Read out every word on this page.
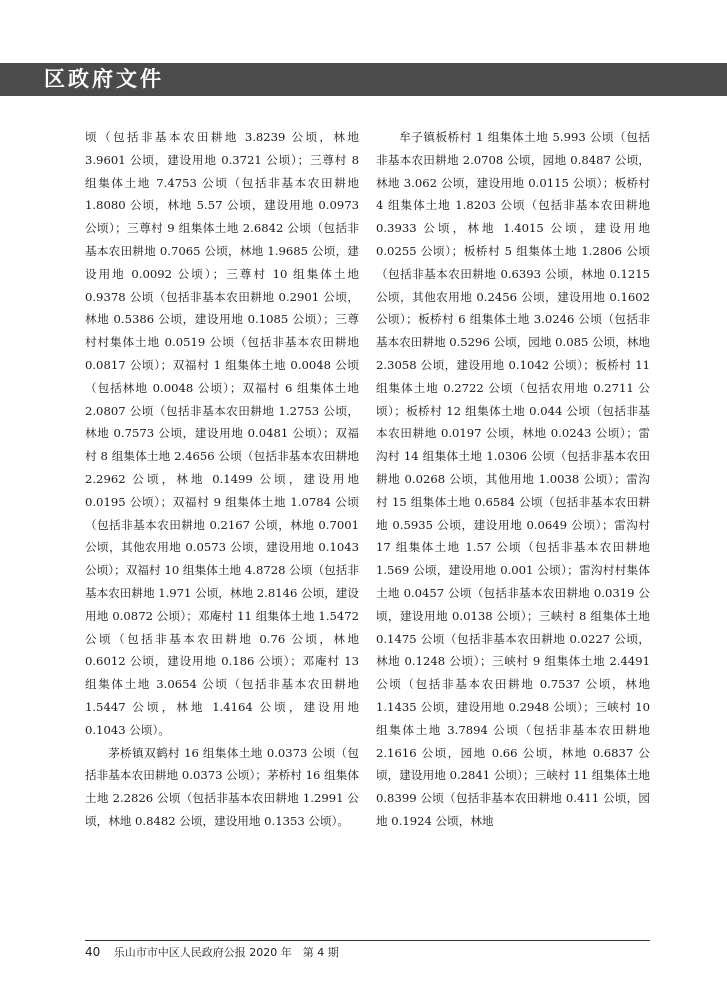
区政府文件

顷（包括非基本农田耕地 3.8239 公顷，林地 3.9601 公顷，建设用地 0.3721 公顷）；三尊村 8 组集体土地 7.4753 公顷（包括非基本农田耕地 1.8080 公顷，林地 5.57 公顷，建设用地 0.0973 公顷）；三尊村 9 组集体土地 2.6842 公顷（包括非基本农田耕地 0.7065 公顷，林地 1.9685 公顷，建设用地 0.0092 公顷）；三尊村 10 组集体土地 0.9378 公顷（包括非基本农田耕地 0.2901 公顷，林地 0.5386 公顷，建设用地 0.1085 公顷）；三尊村村集体土地 0.0519 公顷（包括非基本农田耕地 0.0817 公顷）；双福村 1 组集体土地 0.0048 公顷（包括林地 0.0048 公顷）；双福村 6 组集体土地 2.0807 公顷（包括非基本农田耕地 1.2753 公顷，林地 0.7573 公顷，建设用地 0.0481 公顷）；双福村 8 组集体土地 2.4656 公顷（包括非基本农田耕地 2.2962 公顷，林地 0.1499 公顷，建设用地 0.0195 公顷）；双福村 9 组集体土地 1.0784 公顷（包括非基本农田耕地 0.2167 公顷，林地 0.7001 公顷，其他农用地 0.0573 公顷，建设用地 0.1043 公顷）；双福村 10 组集体土地 4.8728 公顷（包括非基本农田耕地 1.971 公顷，林地 2.8146 公顷，建设用地 0.0872 公顷）；邓庵村 11 组集体土地 1.5472 公顷（包括非基本农田耕地 0.76 公顷，林地 0.6012 公顷，建设用地 0.186 公顷）；邓庵村 13 组集体土地 3.0654 公顷（包括非基本农田耕地 1.5447 公顷，林地 1.4164 公顷，建设用地 0.1043 公顷）。

茅桥镇双鹤村 16 组集体土地 0.0373 公顷（包括非基本农田耕地 0.0373 公顷）；茅桥村 16 组集体土地 2.2826 公顷（包括非基本农田耕地 1.2991 公顷，林地 0.8482 公顷，建设用地 0.1353 公顷）。

牟子镇板桥村 1 组集体土地 5.993 公顷（包括非基本农田耕地 2.0708 公顷，园地 0.8487 公顷，林地 3.062 公顷，建设用地 0.0115 公顷）；板桥村 4 组集体土地 1.8203 公顷（包括非基本农田耕地 0.3933 公顷，林地 1.4015 公顷，建设用地 0.0255 公顷）；板桥村 5 组集体土地 1.2806 公顷（包括非基本农田耕地 0.6393 公顷，林地 0.1215 公顷，其他农用地 0.2456 公顷，建设用地 0.1602 公顷）；板桥村 6 组集体土地 3.0246 公顷（包括非基本农田耕地 0.5296 公顷，园地 0.085 公顷，林地 2.3058 公顷，建设用地 0.1042 公顷）；板桥村 11 组集体土地 0.2722 公顷（包括农用地 0.2711 公顷）；板桥村 12 组集体土地 0.044 公顷（包括非基本农田耕地 0.0197 公顷，林地 0.0243 公顷）；雷沟村 14 组集体土地 1.0306 公顷（包括非基本农田耕地 0.0268 公顷，其他用地 1.0038 公顷）；雷沟村 15 组集体土地 0.6584 公顷（包括非基本农田耕地 0.5935 公顷，建设用地 0.0649 公顷）；雷沟村 17 组集体土地 1.57 公顷（包括非基本农田耕地 1.569 公顷，建设用地 0.001 公顷）；雷沟村村集体土地 0.0457 公顷（包括非基本农田耕地 0.0319 公顷，建设用地 0.0138 公顷）；三峡村 8 组集体土地 0.1475 公顷（包括非基本农田耕地 0.0227 公顷，林地 0.1248 公顷）；三峡村 9 组集体土地 2.4491 公顷（包括非基本农田耕地 0.7537 公顷，林地 1.1435 公顷，建设用地 0.2948 公顷）；三峡村 10 组集体土地 3.7894 公顷（包括非基本农田耕地 2.1616 公顷，园地 0.66 公顷，林地 0.6837 公顷，建设用地 0.2841 公顷）；三峡村 11 组集体土地 0.8399 公顷（包括非基本农田耕地 0.411 公顷，园地 0.1924 公顷，林地

40 乐山市市中区人民政府公报 2020 年　第 4 期
